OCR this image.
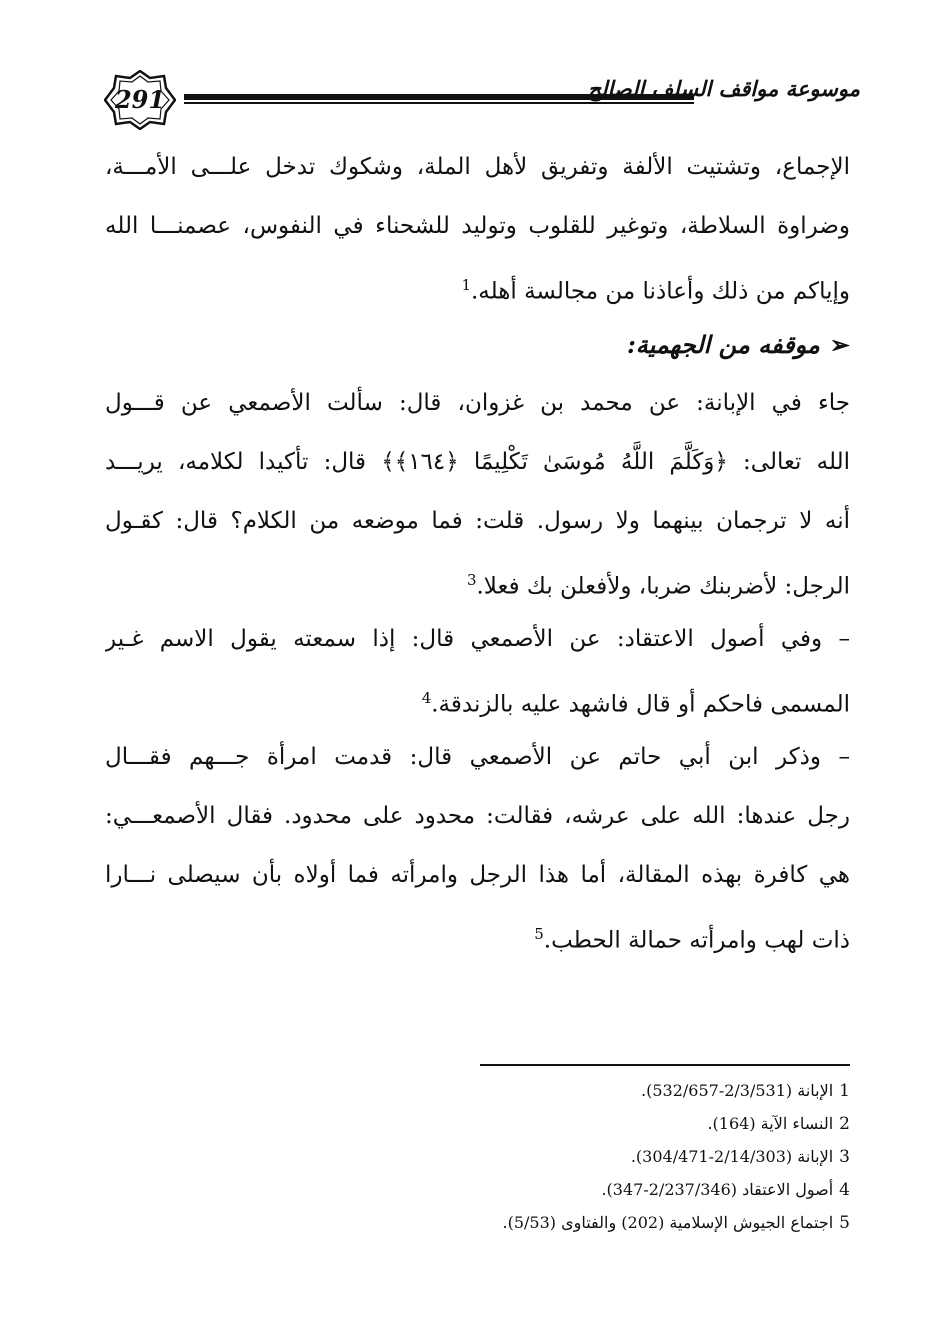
291	موسوعة مواقف السلف الصالح
الإجماع، وتشتيت الألفة وتفريق لأهل الملة، وشكوك تدخل علـــى الأمـــة،
وضراوة السلاطة، وتوغير للقلوب وتوليد للشحناء في النفوس، عصمنـــا الله
وإياكم من ذلك وأعاذنا من مجالسة أهله.$^1$
➢موقفه من الجهمية:
جاء في الإبانة: عن محمد بن غزوان، قال: سألت الأصمعي عن قـــول
الله تعالى: ﴿وَكَلَّمَ اللَّهُ مُوسَىٰ تَكْلِيمًا ﴿١٦٤﴾﴾ قال: تأكيدا لكلامه، يريـــد
أنه لا ترجمان بينهما ولا رسول. قلت: فما موضعه من الكلام؟ قال: كقـول
الرجل: لأضربنك ضربا، ولأفعلن بك فعلا.$^3$
– وفي أصول الاعتقاد: عن الأصمعي قال: إذا سمعته يقول الاسم غـير
المسمى فاحكم أو قال فاشهد عليه بالزندقة.$^4$
– وذكر ابن أبي حاتم عن الأصمعي قال: قدمت امرأة جـــهم فقـــال
رجل عندها: الله على عرشه، فقالت: محدود على محدود. فقال الأصمعـــي:
هي كافرة بهذه المقالة، أما هذا الرجل وامرأته فما أولاه بأن سيصلى نـــارا
ذات لهب وامرأته حمالة الحطب.$^5$
1الإبانة (2/3/531-532/657).
2النساء الآية (164).
3الإبانة (2/14/303-304/471).
4أصول الاعتقاد (2/237/346-347).
5اجتماع الجيوش الإسلامية (202) والفتاوى (5/53).
